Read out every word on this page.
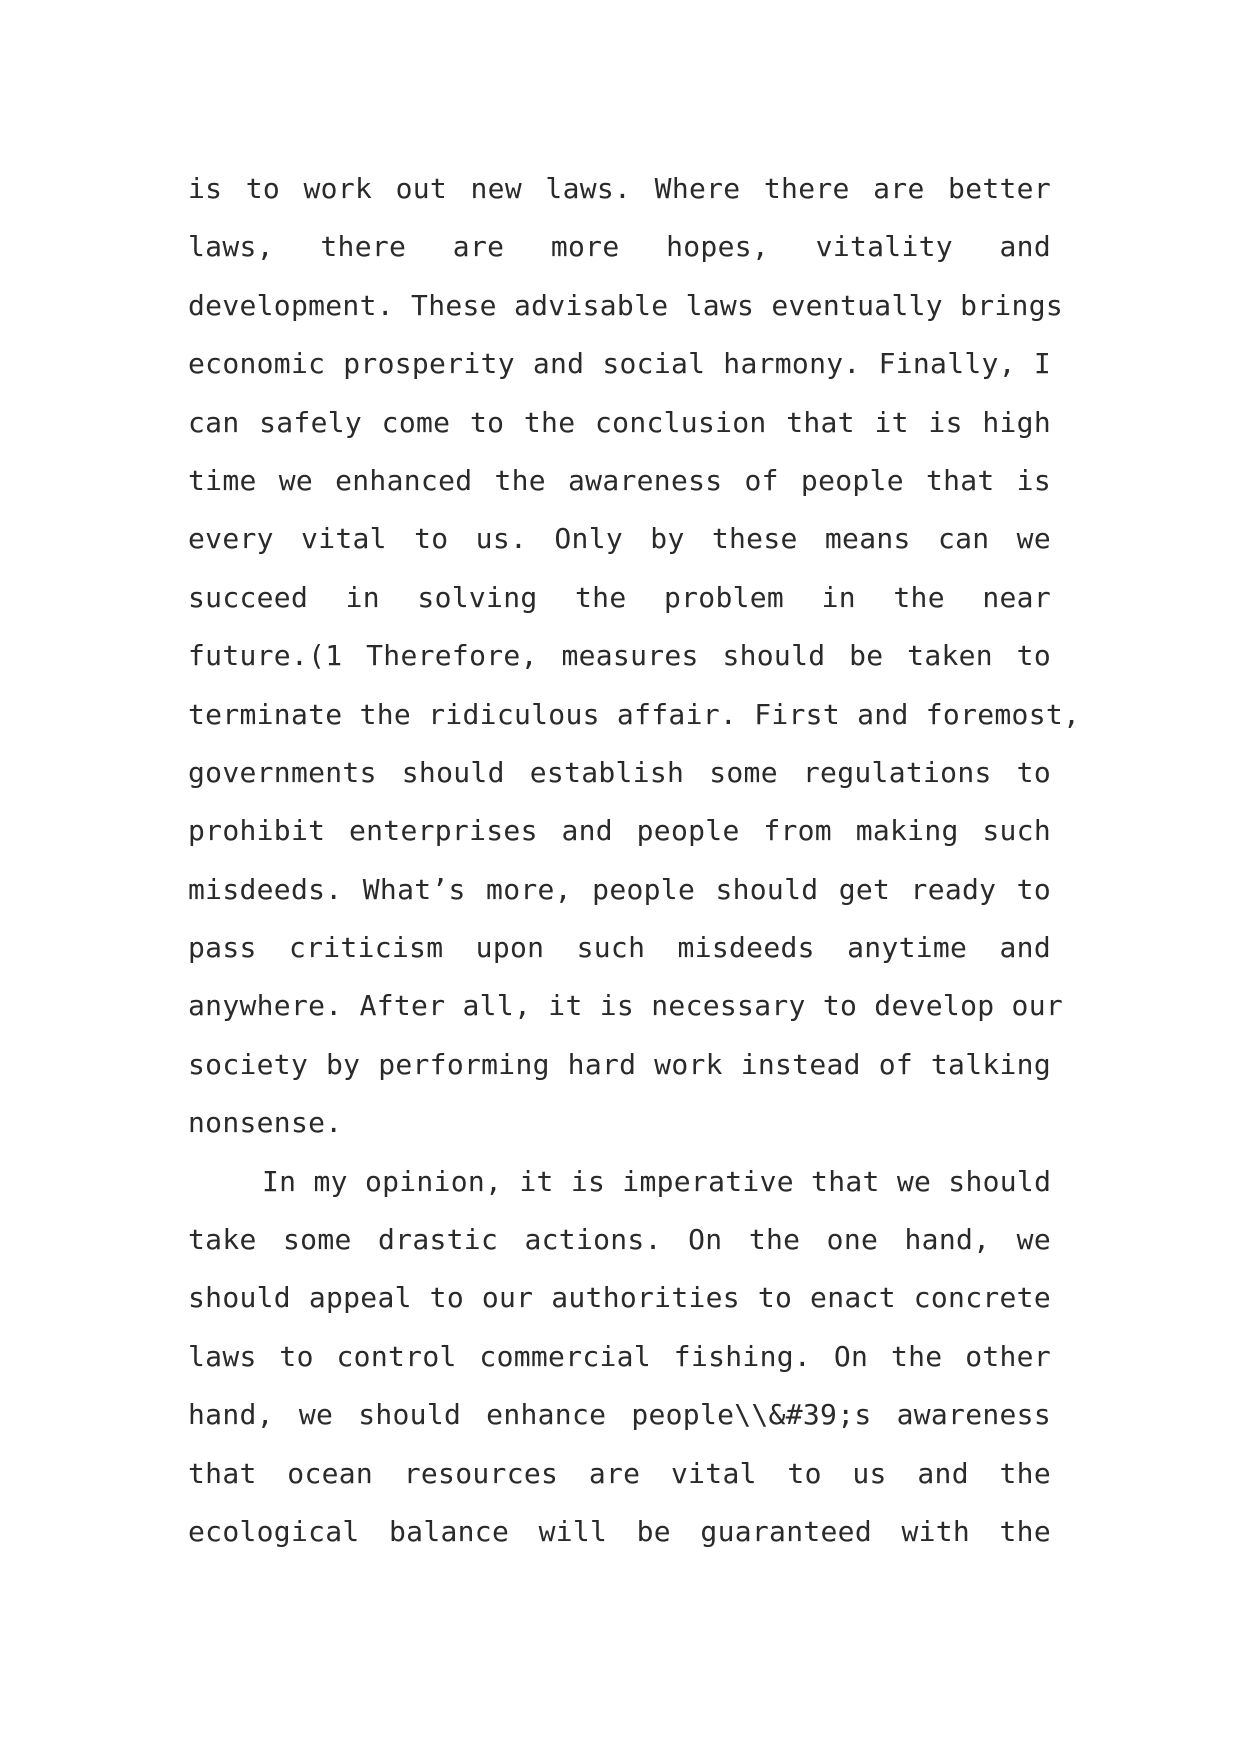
is to work out new laws. Where there are better
laws, there are more hopes, vitality and
development. These advisable laws eventually brings
economic prosperity and social harmony. Finally, I
can safely come to the conclusion that it is high
time we enhanced the awareness of people that is
every vital to us. Only by these means can we
succeed in solving the problem in the near
future.(1 Therefore, measures should be taken to
terminate the ridiculous affair. First and foremost,
governments should establish some regulations to
prohibit enterprises and people from making such
misdeeds. What’s more, people should get ready to
pass criticism upon such misdeeds anytime and
anywhere. After all, it is necessary to develop our
society by performing hard work instead of talking
nonsense.
In my opinion, it is imperative that we should
take some drastic actions. On the one hand, we
should appeal to our authorities to enact concrete
laws to control commercial fishing. On the other
hand, we should enhance people\\&#39;s awareness
that ocean resources are vital to us and the
ecological balance will be guaranteed with the
